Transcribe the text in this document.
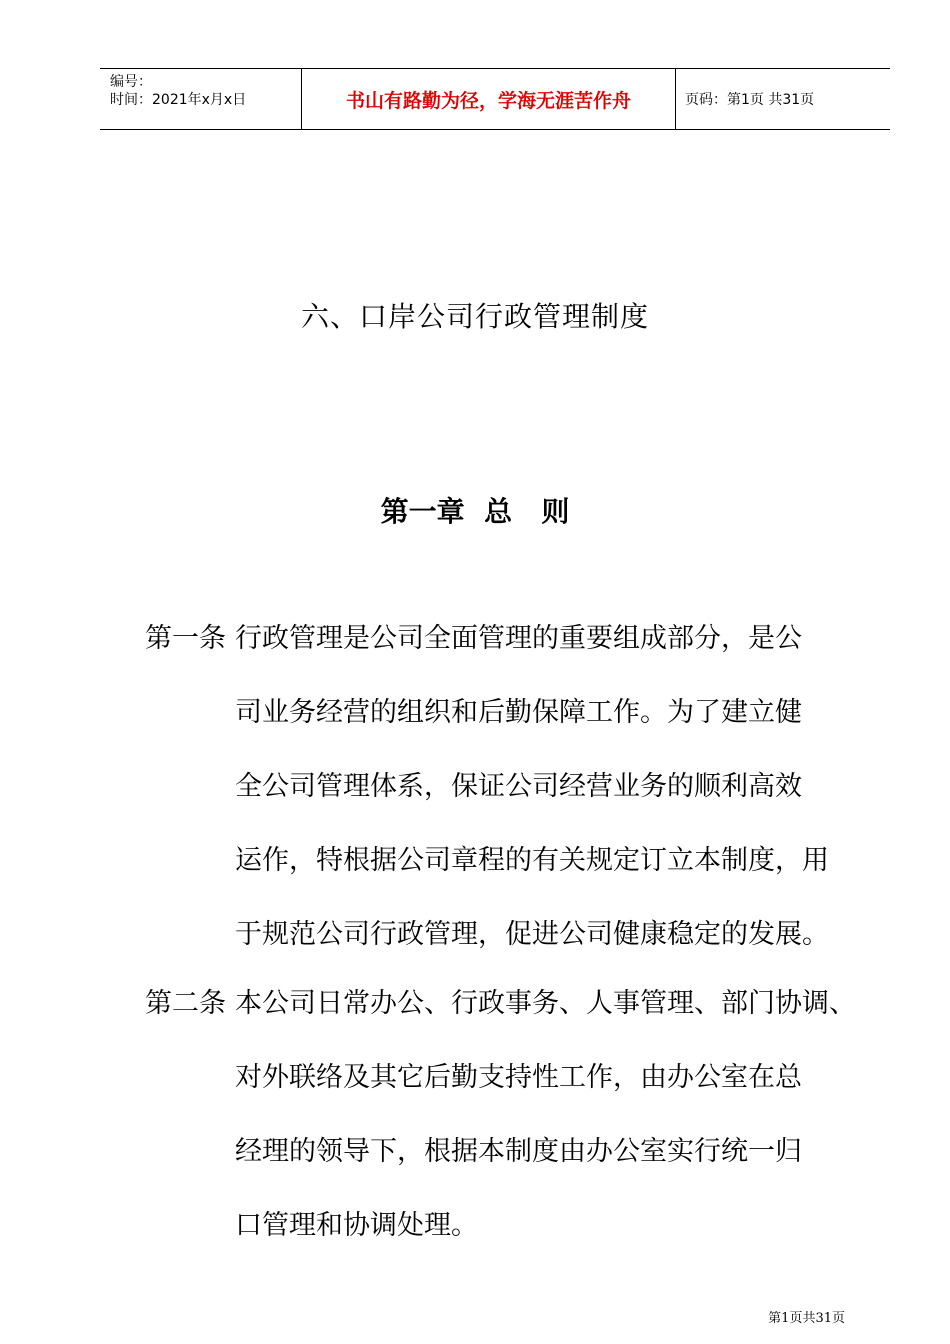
编号：
时间：2021年x月x日	书山有路勤为径，学海无涯苦作舟	页码：第1页 共31页
六、口岸公司行政管理制度
第一章  总   则
第一条 行政管理是公司全面管理的重要组成部分，是公
司业务经营的组织和后勤保障工作。为了建立健
全公司管理体系，保证公司经营业务的顺利高效
运作，特根据公司章程的有关规定订立本制度，用
于规范公司行政管理，促进公司健康稳定的发展。
第二条 本公司日常办公、行政事务、人事管理、部门协调、
对外联络及其它后勤支持性工作，由办公室在总
经理的领导下，根据本制度由办公室实行统一归
口管理和协调处理。
第1页共31页
